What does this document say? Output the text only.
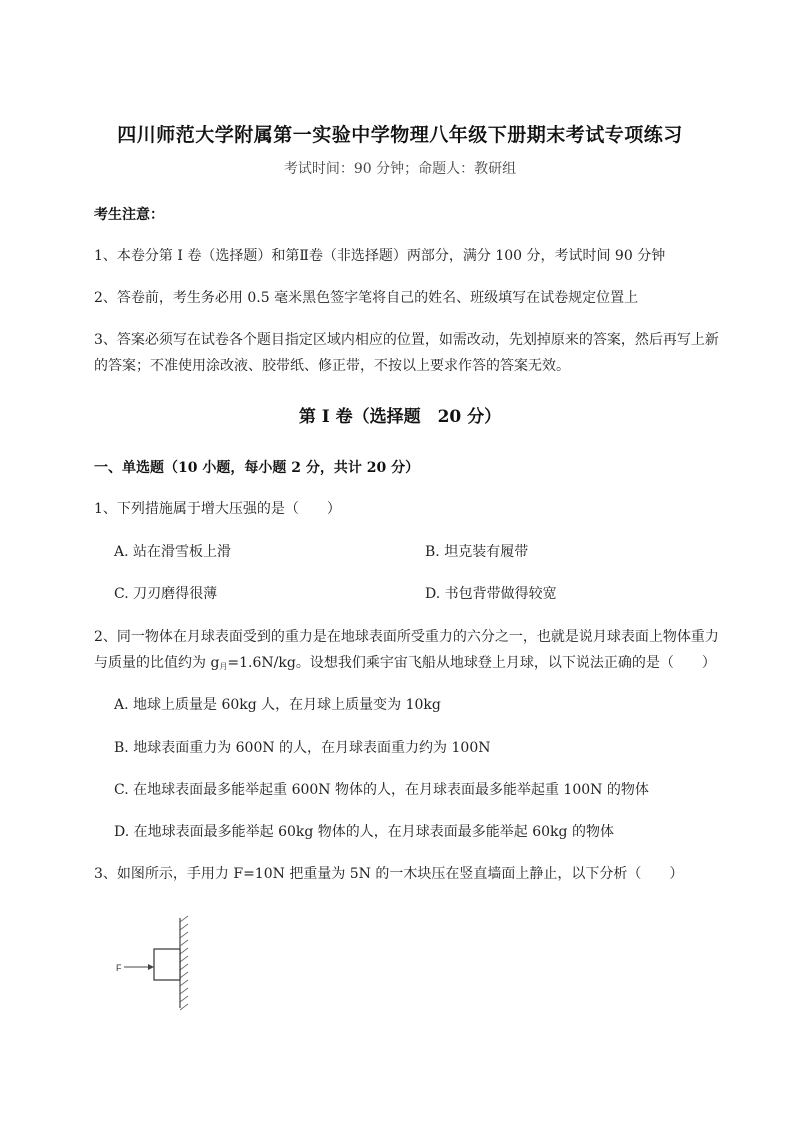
四川师范大学附属第一实验中学物理八年级下册期末考试专项练习
考试时间：90 分钟；命题人：教研组
考生注意：
1、本卷分第 I 卷（选择题）和第Ⅱ卷（非选择题）两部分，满分 100 分，考试时间 90 分钟
2、答卷前，考生务必用 0.5 毫米黑色签字笔将自己的姓名、班级填写在试卷规定位置上
3、答案必须写在试卷各个题目指定区域内相应的位置，如需改动，先划掉原来的答案，然后再写上新
的答案；不准使用涂改液、胶带纸、修正带，不按以上要求作答的答案无效。
第 I 卷（选择题　20 分）
一、单选题（10 小题，每小题 2 分，共计 20 分）
1、下列措施属于增大压强的是（　　）
A. 站在滑雪板上滑	B. 坦克装有履带
C. 刀刃磨得很薄	D. 书包背带做得较宽
2、同一物体在月球表面受到的重力是在地球表面所受重力的六分之一，也就是说月球表面上物体重力
与质量的比值约为 $g_月=1.6N/kg$。设想我们乘宇宙飞船从地球登上月球，以下说法正确的是（　　）
A. 地球上质量是 60kg 人，在月球上质量变为 10kg
B. 地球表面重力为 600N 的人，在月球表面重力约为 100N
C. 在地球表面最多能举起重 600N 物体的人，在月球表面最多能举起重 100N 的物体
D. 在地球表面最多能举起 60kg 物体的人，在月球表面最多能举起 60kg 的物体
3、如图所示，手用力 F=10N 把重量为 5N 的一木块压在竖直墙面上静止，以下分析（　　）
F
